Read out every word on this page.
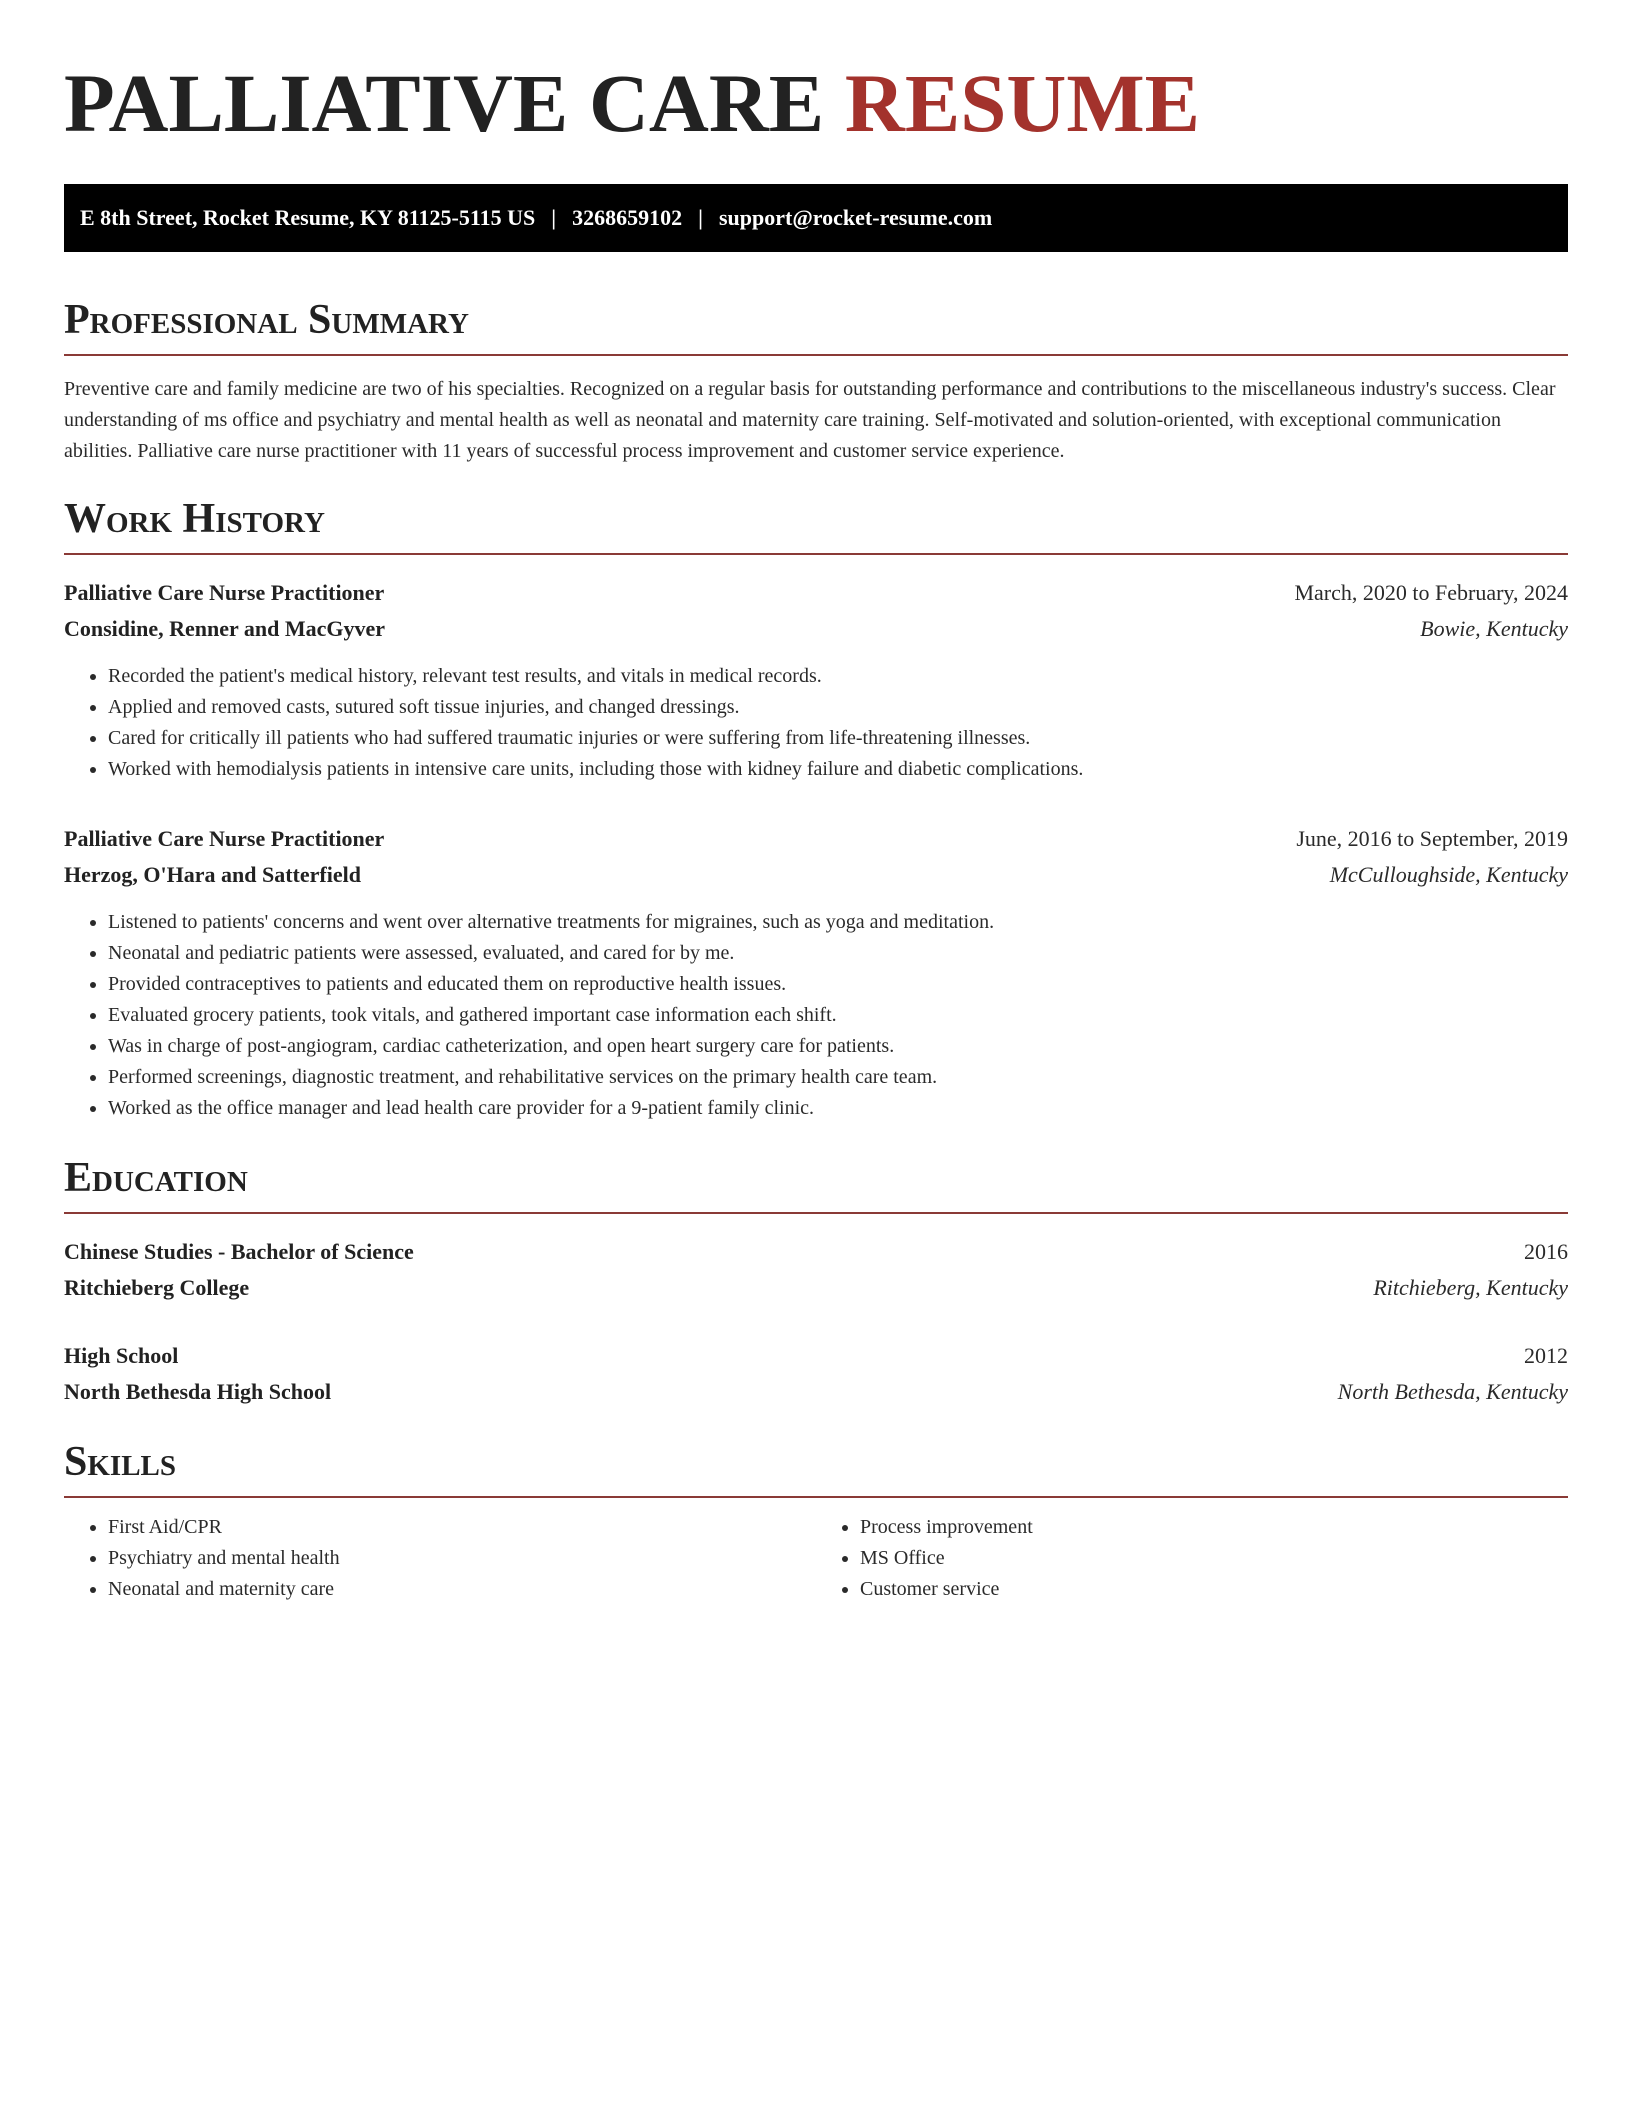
PALLIATIVE CARE RESUME
E 8th Street, Rocket Resume, KY 81125-5115 US | 3268659102 | support@rocket-resume.com
Professional Summary

Preventive care and family medicine are two of his specialties. Recognized on a regular basis for outstanding performance and contributions to the miscellaneous industry's success. Clear understanding of ms office and psychiatry and mental health as well as neonatal and maternity care training. Self-motivated and solution-oriented, with exceptional communication abilities. Palliative care nurse practitioner with 11 years of successful process improvement and customer service experience.

Work History
Palliative Care Nurse Practitioner	March, 2020 to February, 2024
Considine, Renner and MacGyver	Bowie, Kentucky
• Recorded the patient's medical history, relevant test results, and vitals in medical records.
• Applied and removed casts, sutured soft tissue injuries, and changed dressings.
• Cared for critically ill patients who had suffered traumatic injuries or were suffering from life-threatening illnesses.
• Worked with hemodialysis patients in intensive care units, including those with kidney failure and diabetic complications.
Palliative Care Nurse Practitioner	June, 2016 to September, 2019
Herzog, O'Hara and Satterfield	McCulloughside, Kentucky
• Listened to patients' concerns and went over alternative treatments for migraines, such as yoga and meditation.
• Neonatal and pediatric patients were assessed, evaluated, and cared for by me.
• Provided contraceptives to patients and educated them on reproductive health issues.
• Evaluated grocery patients, took vitals, and gathered important case information each shift.
• Was in charge of post-angiogram, cardiac catheterization, and open heart surgery care for patients.
• Performed screenings, diagnostic treatment, and rehabilitative services on the primary health care team.
• Worked as the office manager and lead health care provider for a 9-patient family clinic.
Education
Chinese Studies - Bachelor of Science	2016
Ritchieberg College	Ritchieberg, Kentucky
High School	2012
North Bethesda High School	North Bethesda, Kentucky
Skills
• First Aid/CPR
• Psychiatry and mental health
• Neonatal and maternity care
• Process improvement
• MS Office
• Customer service
